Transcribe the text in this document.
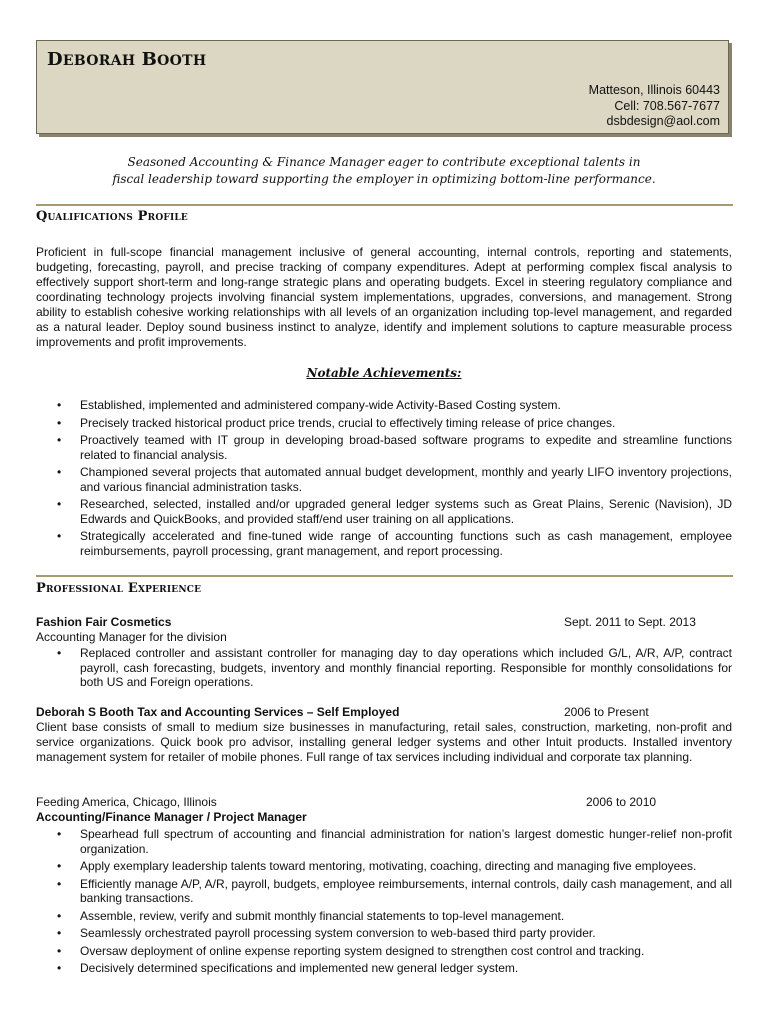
DEBORAH BOOTH
Matteson, Illinois 60443
Cell: 708.567-7677
dsbdesign@aol.com
Seasoned Accounting & Finance Manager eager to contribute exceptional talents in
fiscal leadership toward supporting the employer in optimizing bottom-line performance.
Qualifications Profile
Proficient in full-scope financial management inclusive of general accounting, internal controls, reporting and statements, budgeting, forecasting, payroll, and precise tracking of company expenditures. Adept at performing complex fiscal analysis to effectively support short-term and long-range strategic plans and operating budgets. Excel in steering regulatory compliance and coordinating technology projects involving financial system implementations, upgrades, conversions, and management. Strong ability to establish cohesive working relationships with all levels of an organization including top-level management, and regarded as a natural leader. Deploy sound business instinct to analyze, identify and implement solutions to capture measurable process improvements and profit improvements.
Notable Achievements:
• Established, implemented and administered company-wide Activity-Based Costing system.
• Precisely tracked historical product price trends, crucial to effectively timing release of price changes.
• Proactively teamed with IT group in developing broad-based software programs to expedite and streamline functions related to financial analysis.
• Championed several projects that automated annual budget development, monthly and yearly LIFO inventory projections, and various financial administration tasks.
• Researched, selected, installed and/or upgraded general ledger systems such as Great Plains, Serenic (Navision), JD Edwards and QuickBooks, and provided staff/end user training on all applications.
• Strategically accelerated and fine-tuned wide range of accounting functions such as cash management, employee reimbursements, payroll processing, grant management, and report processing.
Professional Experience
Fashion Fair Cosmetics	Sept. 2011 to Sept. 2013
Accounting Manager for the division
• Replaced controller and assistant controller for managing day to day operations which included G/L, A/R, A/P, contract payroll, cash forecasting, budgets, inventory and monthly financial reporting. Responsible for monthly consolidations for both US and Foreign operations.
Deborah S Booth Tax and Accounting Services – Self Employed	2006 to Present
Client base consists of small to medium size businesses in manufacturing, retail sales, construction, marketing, non-profit and service organizations. Quick book pro advisor, installing general ledger systems and other Intuit products. Installed inventory management system for retailer of mobile phones. Full range of tax services including individual and corporate tax planning.
Feeding America, Chicago, Illinois	2006 to 2010
Accounting/Finance Manager / Project Manager
• Spearhead full spectrum of accounting and financial administration for nation’s largest domestic hunger-relief non-profit organization.
• Apply exemplary leadership talents toward mentoring, motivating, coaching, directing and managing five employees.
• Efficiently manage A/P, A/R, payroll, budgets, employee reimbursements, internal controls, daily cash management, and all banking transactions.
• Assemble, review, verify and submit monthly financial statements to top-level management.
• Seamlessly orchestrated payroll processing system conversion to web-based third party provider.
• Oversaw deployment of online expense reporting system designed to strengthen cost control and tracking.
• Decisively determined specifications and implemented new general ledger system.
